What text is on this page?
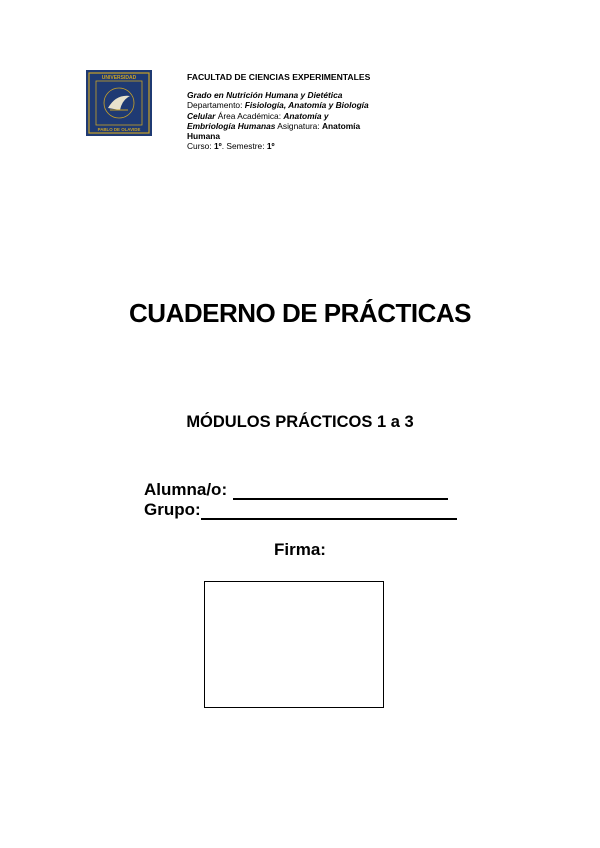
UNIVERSIDAD
PABLO DE OLAVIDE
FACULTAD DE CIENCIAS EXPERIMENTALES
Grado en Nutrición Humana y Dietética
Departamento: Fisiología, Anatomía y Biología
Celular Área Académica: Anatomía y
Embriología Humanas Asignatura: Anatomía
Humana
Curso: 1º. Semestre: 1º
CUADERNO DE PRÁCTICAS
MÓDULOS PRÁCTICOS 1 a 3
Alumna/o:
Grupo:
Firma:
